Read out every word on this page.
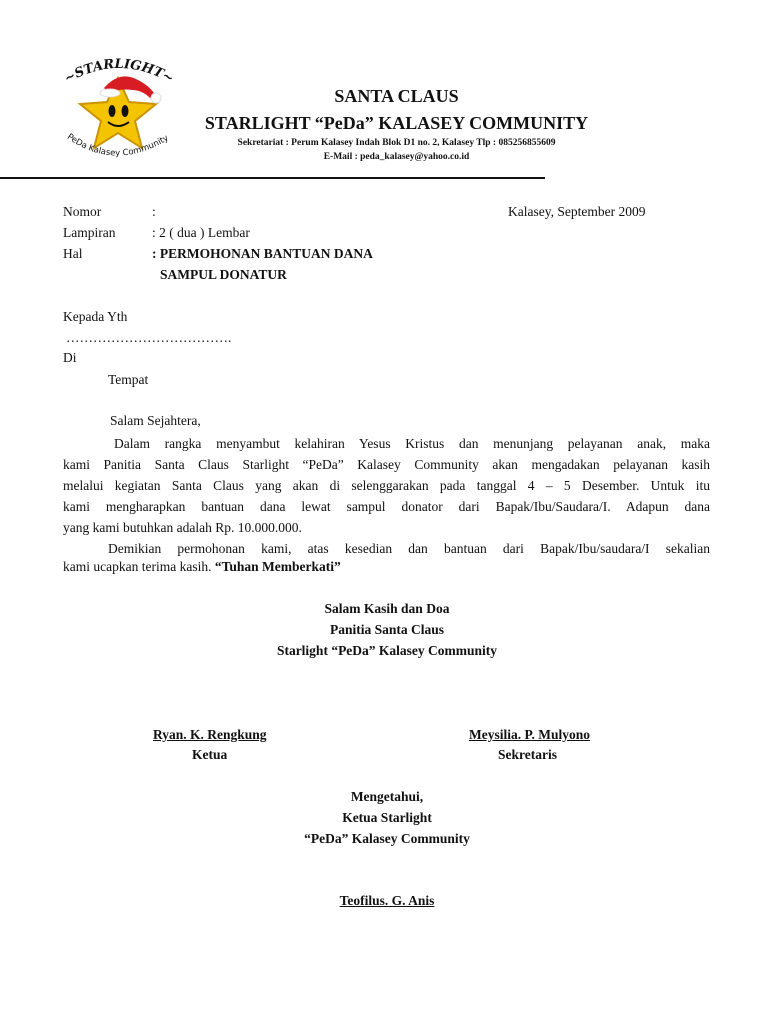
~STARLIGHT~
PeDa Kalasey Community
SANTA CLAUS
STARLIGHT “PeDa” KALASEY COMMUNITY
Sekretariat : Perum Kalasey Indah Blok D1 no. 2, Kalasey Tlp : 085256855609
E-Mail : peda_kalasey@yahoo.co.id
Nomor	:	Kalasey, September 2009
Lampiran	: 2 ( dua ) Lembar
Hal	: PERMOHONAN BANTUAN DANA
SAMPUL DONATUR
Kepada Yth
……………………………….
Di
Tempat
Salam Sejahtera,
Dalam rangka menyambut kelahiran Yesus Kristus dan menunjang pelayanan anak, maka
kami Panitia Santa Claus Starlight “PeDa” Kalasey Community akan mengadakan pelayanan kasih
melalui kegiatan Santa Claus yang akan di selenggarakan pada tanggal 4 – 5 Desember. Untuk itu
kami mengharapkan bantuan dana lewat sampul donator dari Bapak/Ibu/Saudara/I. Adapun dana
yang kami butuhkan adalah Rp. 10.000.000.
Demikian permohonan kami, atas kesedian dan bantuan dari Bapak/Ibu/saudara/I sekalian
kami ucapkan terima kasih. “Tuhan Memberkati”
Salam Kasih dan Doa
Panitia Santa Claus
Starlight “PeDa” Kalasey Community
Ryan. K. Rengkung
Ketua
Meysilia. P. Mulyono
Sekretaris
Mengetahui,
Ketua Starlight
“PeDa” Kalasey Community
Teofilus. G. Anis
